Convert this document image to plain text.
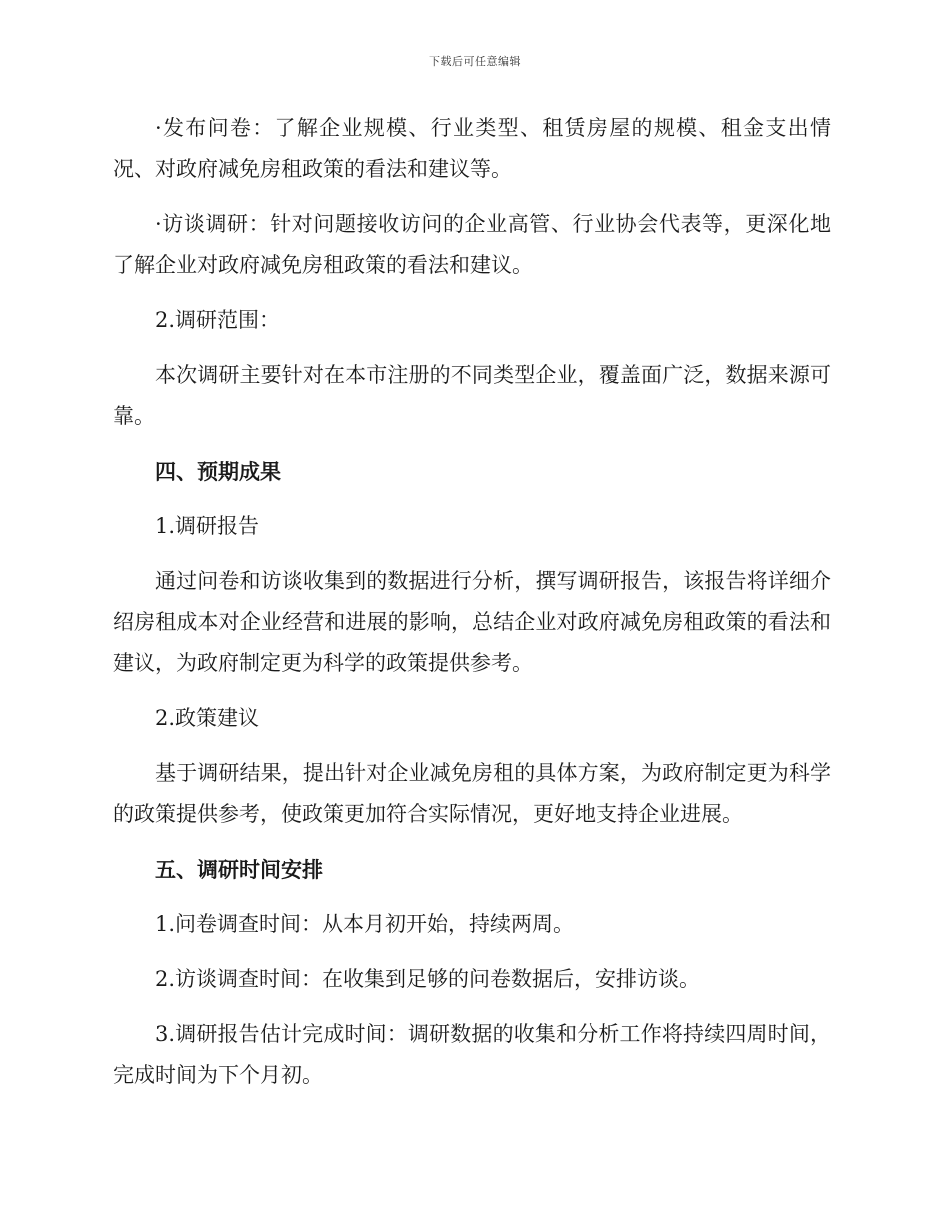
下载后可任意编辑

·发布问卷：了解企业规模、行业类型、租赁房屋的规模、租金支出情况、对政府减免房租政策的看法和建议等。

·访谈调研：针对问题接收访问的企业高管、行业协会代表等，更深化地了解企业对政府减免房租政策的看法和建议。

2.调研范围：

本次调研主要针对在本市注册的不同类型企业，覆盖面广泛，数据来源可靠。

四、预期成果

1.调研报告

通过问卷和访谈收集到的数据进行分析，撰写调研报告，该报告将详细介绍房租成本对企业经营和进展的影响，总结企业对政府减免房租政策的看法和建议，为政府制定更为科学的政策提供参考。

2.政策建议

基于调研结果，提出针对企业减免房租的具体方案，为政府制定更为科学的政策提供参考，使政策更加符合实际情况，更好地支持企业进展。

五、调研时间安排

1.问卷调查时间：从本月初开始，持续两周。

2.访谈调查时间：在收集到足够的问卷数据后，安排访谈。

3.调研报告估计完成时间：调研数据的收集和分析工作将持续四周时间，完成时间为下个月初。
